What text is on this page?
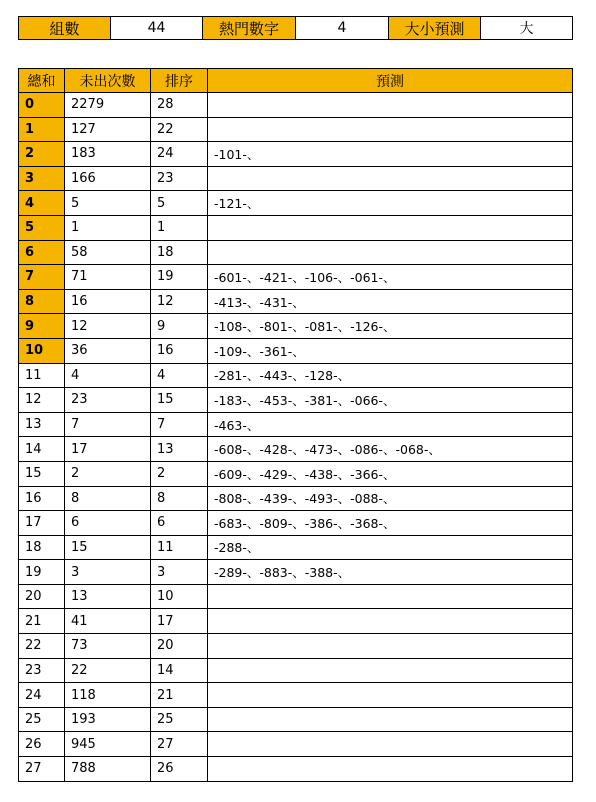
組數	44	熱門數字	4	大小預測	大
總和	未出次數	排序	預測
0	2279	28	
1	127	22	
2	183	24	-101-、
3	166	23	
4	5	5	-121-、
5	1	1	
6	58	18	
7	71	19	-601-、-421-、-106-、-061-、
8	16	12	-413-、-431-、
9	12	9	-108-、-801-、-081-、-126-、
10	36	16	-109-、-361-、
11	4	4	-281-、-443-、-128-、
12	23	15	-183-、-453-、-381-、-066-、
13	7	7	-463-、
14	17	13	-608-、-428-、-473-、-086-、-068-、
15	2	2	-609-、-429-、-438-、-366-、
16	8	8	-808-、-439-、-493-、-088-、
17	6	6	-683-、-809-、-386-、-368-、
18	15	11	-288-、
19	3	3	-289-、-883-、-388-、
20	13	10	
21	41	17	
22	73	20	
23	22	14	
24	118	21	
25	193	25	
26	945	27	
27	788	26	
